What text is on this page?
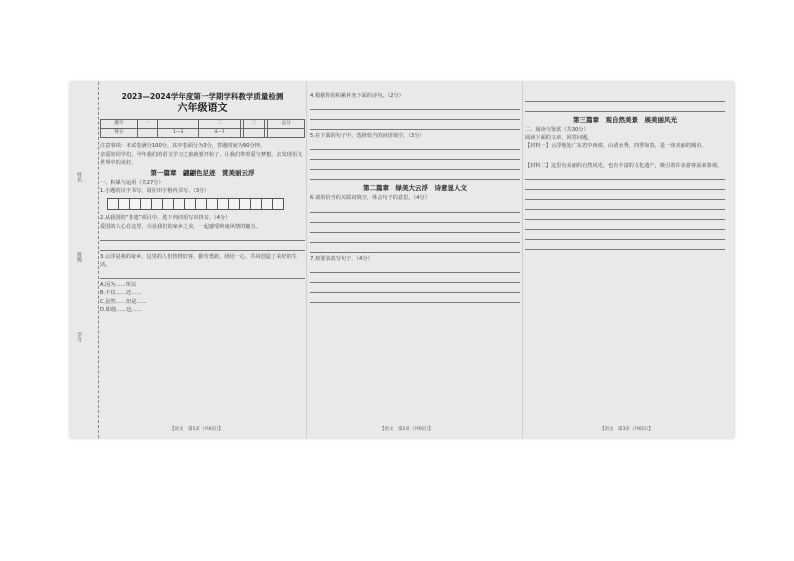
姓名
班级
学号
2023—2024学年度第一学期学科教学质量检测
六年级语文
题号	一		二		三		总分
得分		1—3	4—7				

注意事项：本试卷满分100分，其中卷面分为3分，答题时间为90分钟。

亲爱的同学们，今年我们的语文学习之旅就要开始了，让我们带着爱与梦想，去发现语文世界中的美好。

第一篇章　翩翩色足迹　赏美丽云浮

一、积累与运用（共27分）

1.小题的汉字书写，请在田字格内书写。（3分）

2.从我国的“非遗”项目中，选下列词语写出拼音。（4分）

爱国的人心在这里，尽显我们的家乡之美，一起感受岭南风情的魅力。

3.云浮是我的家乡，这里的人们热情好客，勤劳勇敢，团结一心，共同创造了美好的生活。

A.因为……所以

B.不仅……还……

C.虽然……但是……

D.即使……也……

【语文　第1页（共6页）】

4.根据你的积累补充下面的诗句。（2分）

5.在下面的句子中，选择恰当的词语填空。（3分）

第二篇章　绿美大云浮　诗意显人文

6.请用恰当的关联词填空，体会句子的意思。（4分）

7.按要求改写句子。（4分）

【语文　第2页（共6页）】
第三篇章　观自然美景　展美丽风光

二、阅读与鉴赏（共30分）

阅读下面的文章，回答问题。

【材料一】云浮地处广东省中西部，山清水秀，四季如春，是一座美丽的城市。

【材料二】这里有美丽的自然风光，也有丰富的文化遗产，吸引着许多游客前来参观。

【语文　第3页（共6页）】
